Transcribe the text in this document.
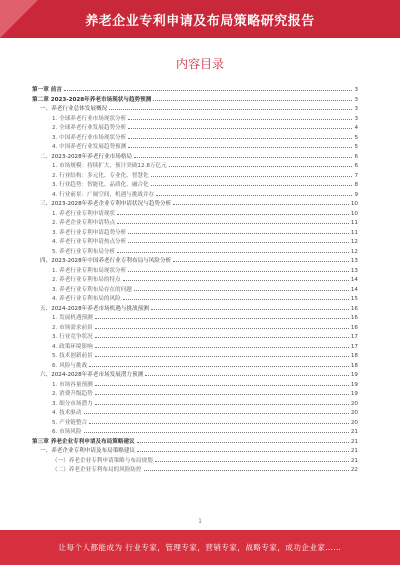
养老企业专利申请及布局策略研究报告
内容目录
第一章 前言	3
第二章 2023-2028年养老市场现状与趋势预测	3
一、养老行业总体发展概况	3
1. 全球养老行业市场现状分析	3
2. 全球养老行业发展趋势分析	4
3. 中国养老行业市场现状分析	5
4. 中国养老行业发展趋势预测	5
二、2023-2028年养老行业市场格局	6
1. 市场规模：持续扩大，预计突破12.8万亿元	6
2. 行业结构：多元化、专业化、智慧化	7
3. 行业趋势：智能化、品质化、融合化	8
4. 行业前景：广阔空间，机遇与挑战并存	9
三、2023-2028年养老企业专利申请状况与趋势分析	10
1. 养老行业专利申请现状	10
2. 养老企业专利申请特点	11
3. 养老行业专利申请趋势分析	11
4. 养老行业专利申请热点分析	12
5. 养老行业专利布局分析	12
四、2023-2028年中国养老行业专利布局与风险分析	13
1. 养老行业专利布局现状分析	13
2. 养老行业专利布局的特点	14
3. 养老行业专利布局存在的问题	14
4. 养老行业专利布局的风险	15
五、2024-2028年养老市场机遇与挑战预测	16
1. 发展机遇预测	16
2. 市场需求前景	16
3. 行业竞争状况	17
4. 政策环境影响	17
5. 技术创新前景	18
6. 风险与挑战	18
六、2024-2028年养老市场发展潜力预测	19
1. 市场容量预测	19
2. 消费升级趋势	19
3. 细分市场潜力	20
4. 技术驱动	20
5. 产业链整合	20
6. 市场风险	21
第三章 养老企业专利申请及布局策略建议	21
一、养老企业专利申请及布局策略建议	21
（一）养老企业专利申请策略与布局规划	21
（二）养老企业专利布局的风险防控	22
1
让每个人都能成为 行业专家，管理专家，营销专家，战略专家，成功企业家……
